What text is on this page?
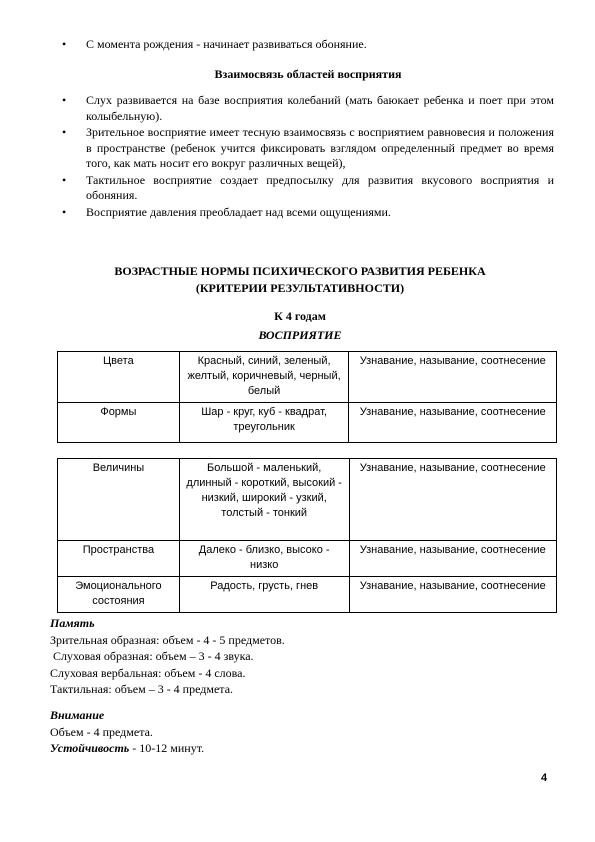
• С момента рождения - начинает развиваться обоняние.
Взаимосвязь областей восприятия
• Слух развивается на базе восприятия колебаний (мать баюкает ребенка и поет при этом колыбельную).
• Зрительное восприятие имеет тесную взаимосвязь с восприятием равновесия и положения в пространстве (ребенок учится фиксировать взглядом определенный предмет во время того, как мать носит его вокруг различных вещей),
• Тактильное восприятие создает предпосылку для развития вкусового восприятия и обоняния.
• Восприятие давления преобладает над всеми ощущениями.
ВОЗРАСТНЫЕ НОРМЫ ПСИХИЧЕСКОГО РАЗВИТИЯ РЕБЕНКА
(КРИТЕРИИ РЕЗУЛЬТАТИВНОСТИ)
К 4 годам
ВОСПРИЯТИЕ
Цвета	Красный, синий, зеленый, желтый, коричневый, черный, белый	Узнавание, называние, соотнесение
Формы	Шар - круг, куб - квадрат, треугольник	Узнавание, называние, соотнесение
Величины	Большой - маленький, длинный - короткий, высокий - низкий, широкий - узкий, толстый - тонкий	Узнавание, называние, соотнесение
Пространства	Далеко - близко, высоко - низко	Узнавание, называние, соотнесение
Эмоционального состояния	Радость, грусть, гнев	Узнавание, называние, соотнесение
Память
Зрительная образная: объем - 4 - 5 предметов.
Слуховая образная: объем – 3 - 4 звука.
Слуховая вербальная: объем - 4 слова.
Тактильная: объем – 3 - 4 предмета.
Внимание
Объем - 4 предмета.
Устойчивость - 10-12 минут.
4
